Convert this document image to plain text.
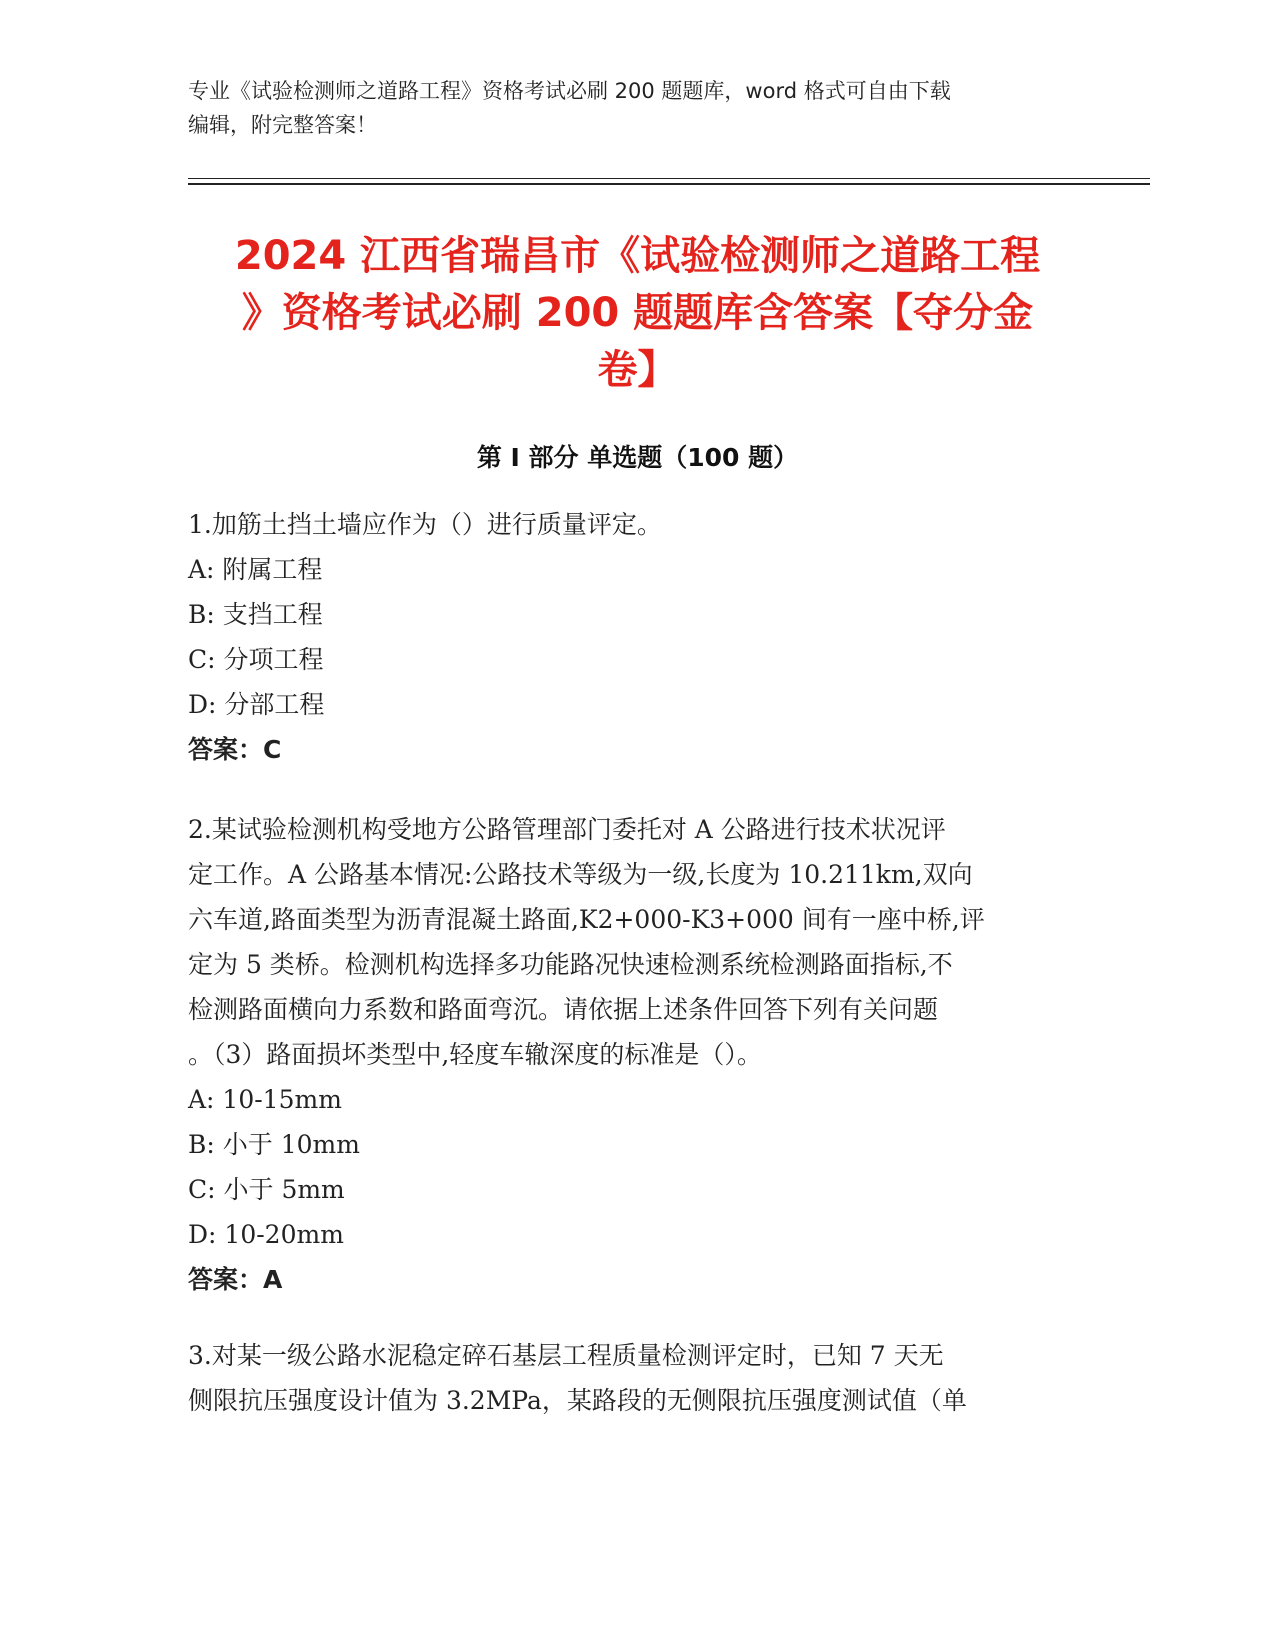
专业《试验检测师之道路工程》资格考试必刷 200 题题库，word 格式可自由下载
编辑，附完整答案！
2024 江西省瑞昌市《试验检测师之道路工程
》资格考试必刷 200 题题库含答案【夺分金
卷】
第 I 部分 单选题（100 题）
1.加筋土挡土墙应作为（）进行质量评定。
A: 附属工程
B: 支挡工程
C: 分项工程
D: 分部工程
答案：C
2.某试验检测机构受地方公路管理部门委托对 A 公路进行技术状况评
定工作。A 公路基本情况:公路技术等级为一级,长度为 10.211km,双向
六车道,路面类型为沥青混凝土路面,K2+000-K3+000 间有一座中桥,评
定为 5 类桥。检测机构选择多功能路况快速检测系统检测路面指标,不
检测路面横向力系数和路面弯沉。请依据上述条件回答下列有关问题
。（3）路面损坏类型中,轻度车辙深度的标准是（）。
A: 10-15mm
B: 小于 10mm
C: 小于 5mm
D: 10-20mm
答案：A
3.对某一级公路水泥稳定碎石基层工程质量检测评定时，已知 7 天无
侧限抗压强度设计值为 3.2MPa，某路段的无侧限抗压强度测试值（单
